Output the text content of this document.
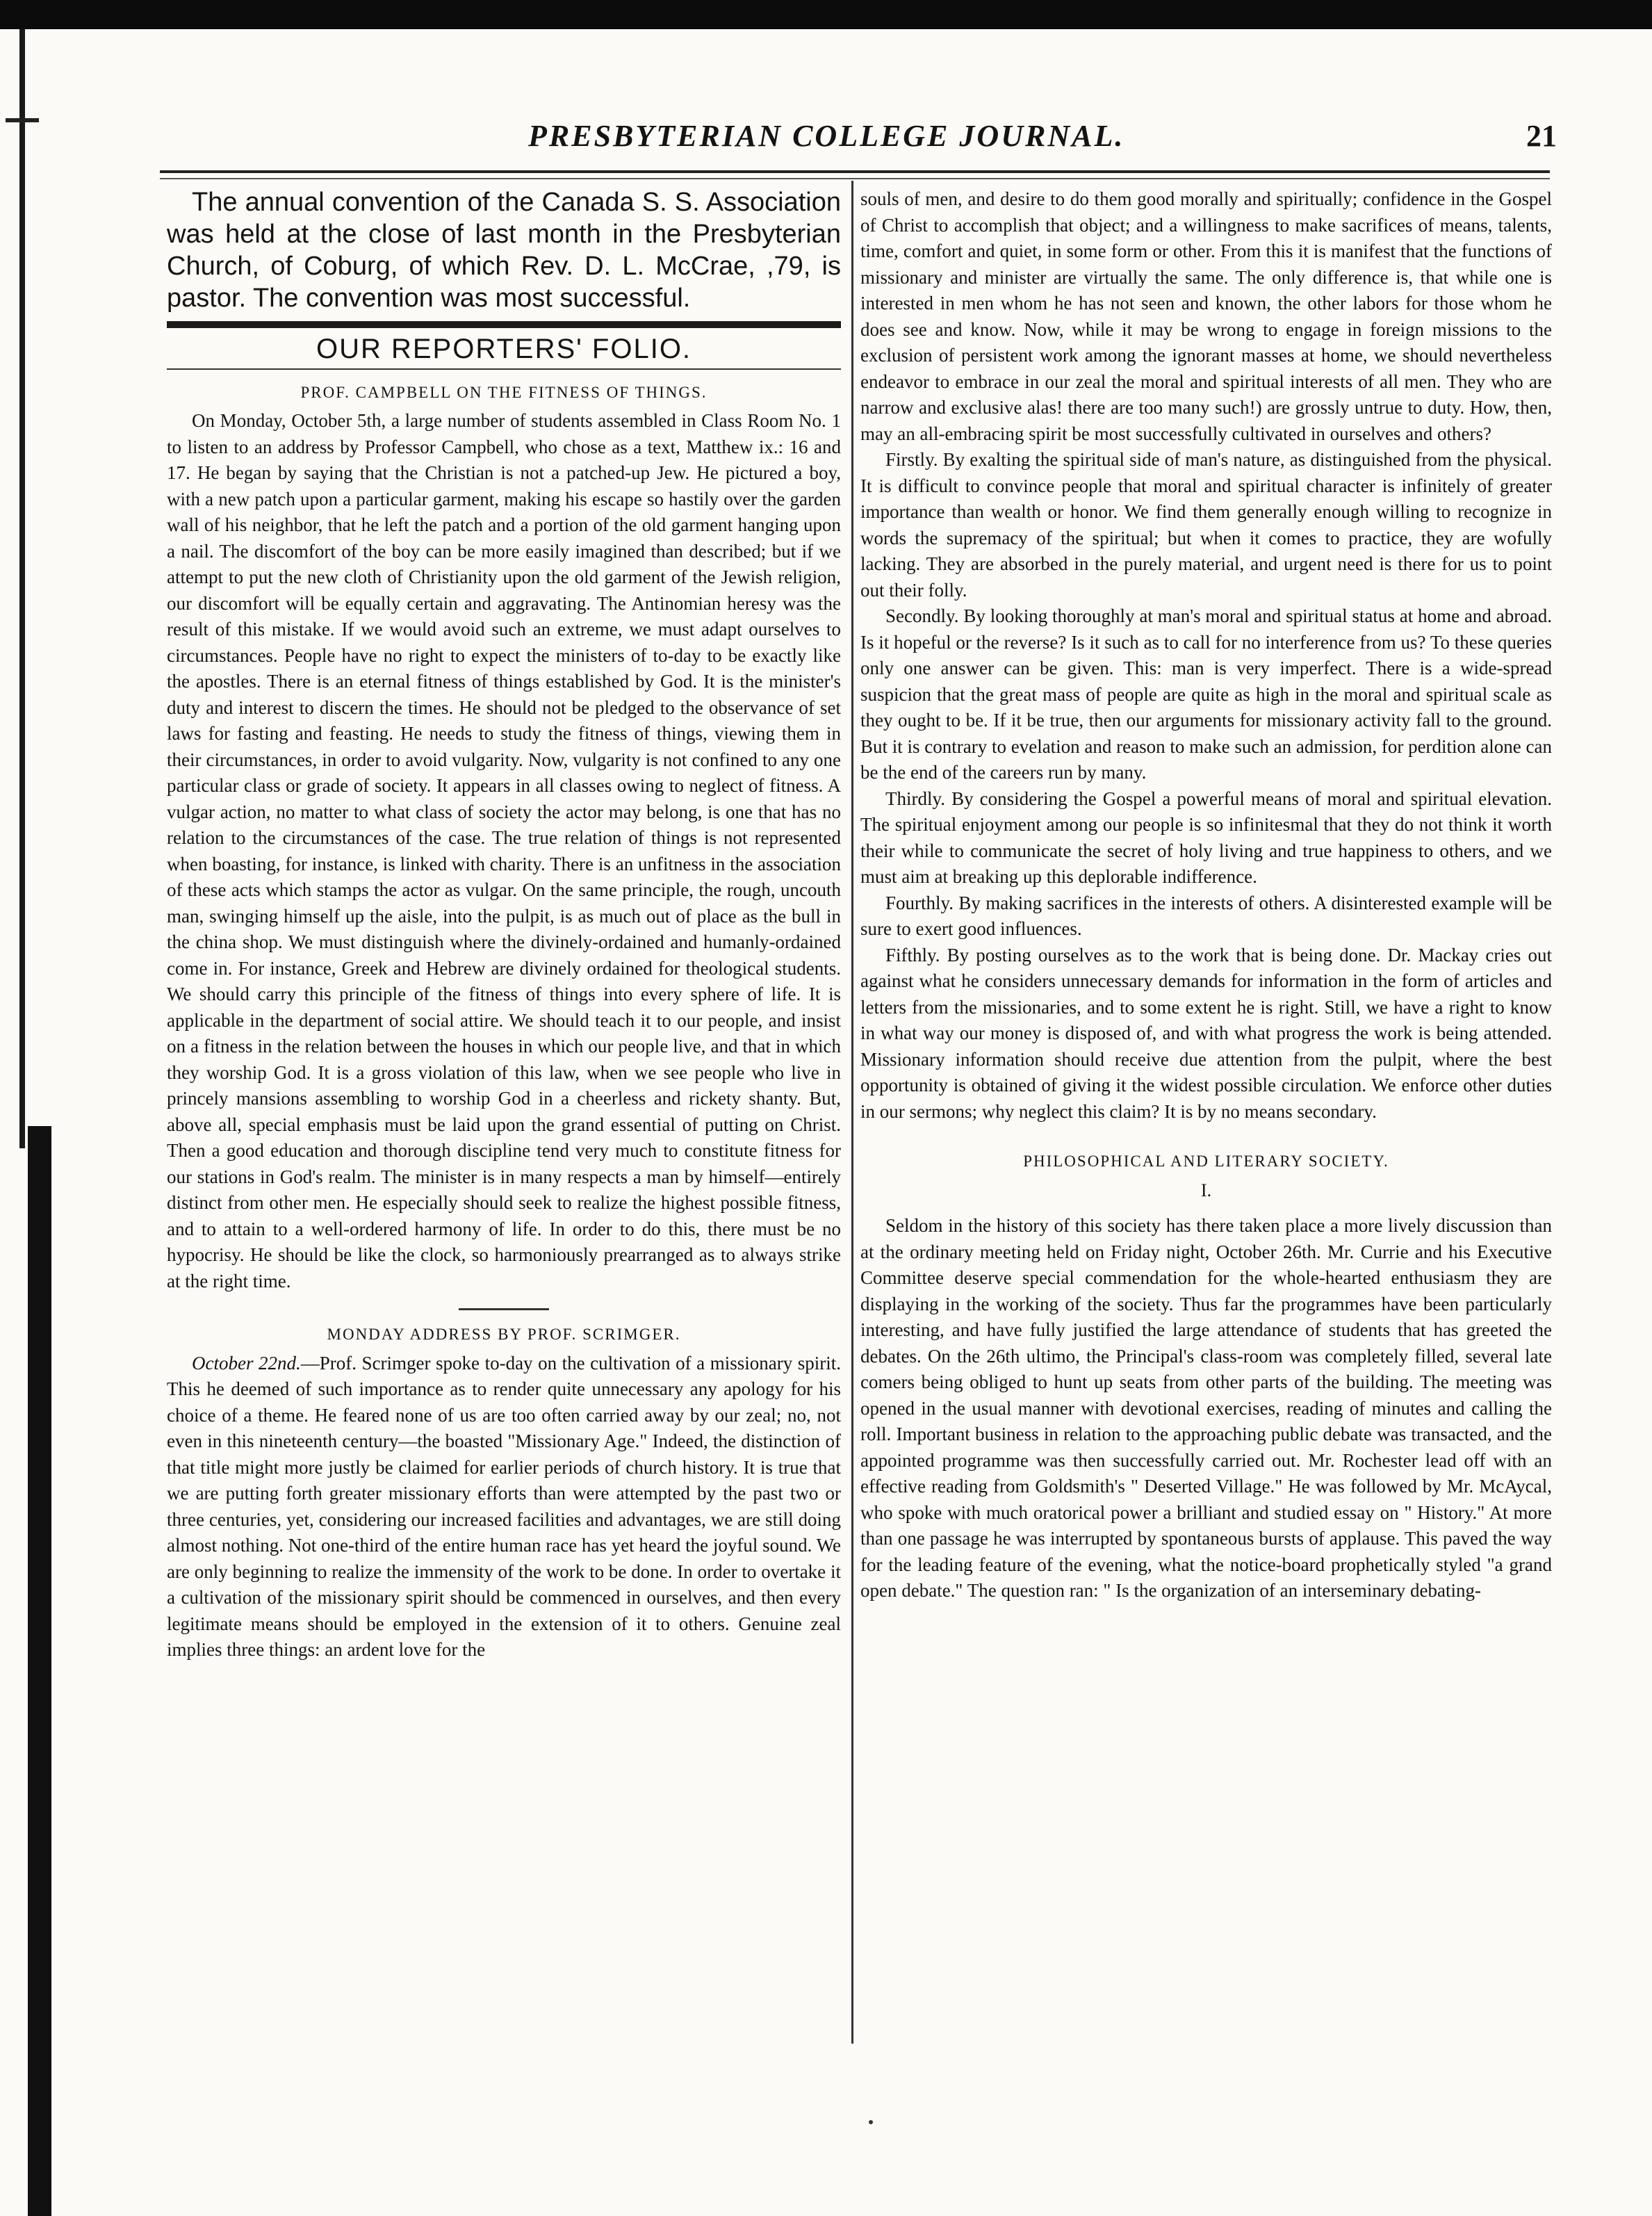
PRESBYTERIAN COLLEGE JOURNAL.	21

The annual convention of the Canada S. S. Association was held at the close of last month in the Presbyterian Church, of Coburg, of which Rev. D. L. McCrae, ,79, is pastor. The convention was most successful.

OUR REPORTERS' FOLIO.
PROF. CAMPBELL ON THE FITNESS OF THINGS.

On Monday, October 5th, a large number of students assembled in Class Room No. 1 to listen to an address by Professor Campbell, who chose as a text, Matthew ix.: 16 and 17. He began by saying that the Christian is not a patched-up Jew. He pictured a boy, with a new patch upon a particular garment, making his escape so hastily over the garden wall of his neighbor, that he left the patch and a portion of the old garment hanging upon a nail. The discomfort of the boy can be more easily imagined than described; but if we attempt to put the new cloth of Christianity upon the old garment of the Jewish religion, our discomfort will be equally certain and aggravating. The Antinomian heresy was the result of this mistake. If we would avoid such an extreme, we must adapt ourselves to circumstances. People have no right to expect the ministers of to-day to be exactly like the apostles. There is an eternal fitness of things established by God. It is the minister's duty and interest to discern the times. He should not be pledged to the observance of set laws for fasting and feasting. He needs to study the fitness of things, viewing them in their circumstances, in order to avoid vulgarity. Now, vulgarity is not confined to any one particular class or grade of society. It appears in all classes owing to neglect of fitness. A vulgar action, no matter to what class of society the actor may belong, is one that has no relation to the circumstances of the case. The true relation of things is not represented when boasting, for instance, is linked with charity. There is an unfitness in the association of these acts which stamps the actor as vulgar. On the same principle, the rough, uncouth man, swinging himself up the aisle, into the pulpit, is as much out of place as the bull in the china shop. We must distinguish where the divinely-ordained and humanly-ordained come in. For instance, Greek and Hebrew are divinely ordained for theological students. We should carry this principle of the fitness of things into every sphere of life. It is applicable in the department of social attire. We should teach it to our people, and insist on a fitness in the relation between the houses in which our people live, and that in which they worship God. It is a gross violation of this law, when we see people who live in princely mansions assembling to worship God in a cheerless and rickety shanty. But, above all, special emphasis must be laid upon the grand essential of putting on Christ. Then a good education and thorough discipline tend very much to constitute fitness for our stations in God's realm. The minister is in many respects a man by himself—entirely distinct from other men. He especially should seek to realize the highest possible fitness, and to attain to a well-ordered harmony of life. In order to do this, there must be no hypocrisy. He should be like the clock, so harmoniously prearranged as to always strike at the right time.

MONDAY ADDRESS BY PROF. SCRIMGER.

October 22nd.—Prof. Scrimger spoke to-day on the cultivation of a missionary spirit. This he deemed of such importance as to render quite unnecessary any apology for his choice of a theme. He feared none of us are too often carried away by our zeal; no, not even in this nineteenth century—the boasted "Missionary Age." Indeed, the distinction of that title might more justly be claimed for earlier periods of church history. It is true that we are putting forth greater missionary efforts than were attempted by the past two or three centuries, yet, considering our increased facilities and advantages, we are still doing almost nothing. Not one-third of the entire human race has yet heard the joyful sound. We are only beginning to realize the immensity of the work to be done. In order to overtake it a cultivation of the missionary spirit should be commenced in ourselves, and then every legitimate means should be employed in the extension of it to others. Genuine zeal implies three things: an ardent love for the

souls of men, and desire to do them good morally and spiritually; confidence in the Gospel of Christ to accomplish that object; and a willingness to make sacrifices of means, talents, time, comfort and quiet, in some form or other. From this it is manifest that the functions of missionary and minister are virtually the same. The only difference is, that while one is interested in men whom he has not seen and known, the other labors for those whom he does see and know. Now, while it may be wrong to engage in foreign missions to the exclusion of persistent work among the ignorant masses at home, we should nevertheless endeavor to embrace in our zeal the moral and spiritual interests of all men. They who are narrow and exclusive alas! there are too many such!) are grossly untrue to duty. How, then, may an all-embracing spirit be most successfully cultivated in ourselves and others?

Firstly. By exalting the spiritual side of man's nature, as distinguished from the physical. It is difficult to convince people that moral and spiritual character is infinitely of greater importance than wealth or honor. We find them generally enough willing to recognize in words the supremacy of the spiritual; but when it comes to practice, they are wofully lacking. They are absorbed in the purely material, and urgent need is there for us to point out their folly.

Secondly. By looking thoroughly at man's moral and spiritual status at home and abroad. Is it hopeful or the reverse? Is it such as to call for no interference from us? To these queries only one answer can be given. This: man is very imperfect. There is a wide-spread suspicion that the great mass of people are quite as high in the moral and spiritual scale as they ought to be. If it be true, then our arguments for missionary activity fall to the ground. But it is contrary to evelation and reason to make such an admission, for perdition alone can be the end of the careers run by many.

Thirdly. By considering the Gospel a powerful means of moral and spiritual elevation. The spiritual enjoyment among our people is so infinitesmal that they do not think it worth their while to communicate the secret of holy living and true happiness to others, and we must aim at breaking up this deplorable indifference.

Fourthly. By making sacrifices in the interests of others. A disinterested example will be sure to exert good influences.

Fifthly. By posting ourselves as to the work that is being done. Dr. Mackay cries out against what he considers unnecessary demands for information in the form of articles and letters from the missionaries, and to some extent he is right. Still, we have a right to know in what way our money is disposed of, and with what progress the work is being attended. Missionary information should receive due attention from the pulpit, where the best opportunity is obtained of giving it the widest possible circulation. We enforce other duties in our sermons; why neglect this claim? It is by no means secondary.

PHILOSOPHICAL AND LITERARY SOCIETY.
I.

Seldom in the history of this society has there taken place a more lively discussion than at the ordinary meeting held on Friday night, October 26th. Mr. Currie and his Executive Committee deserve special commendation for the whole-hearted enthusiasm they are displaying in the working of the society. Thus far the programmes have been particularly interesting, and have fully justified the large attendance of students that has greeted the debates. On the 26th ultimo, the Principal's class-room was completely filled, several late comers being obliged to hunt up seats from other parts of the building. The meeting was opened in the usual manner with devotional exercises, reading of minutes and calling the roll. Important business in relation to the approaching public debate was transacted, and the appointed programme was then successfully carried out. Mr. Rochester lead off with an effective reading from Goldsmith's " Deserted Village." He was followed by Mr. McAycal, who spoke with much oratorical power a brilliant and studied essay on " History." At more than one passage he was interrupted by spontaneous bursts of applause. This paved the way for the leading feature of the evening, what the notice-board prophetically styled "a grand open debate." The question ran: " Is the organization of an interseminary debating-
